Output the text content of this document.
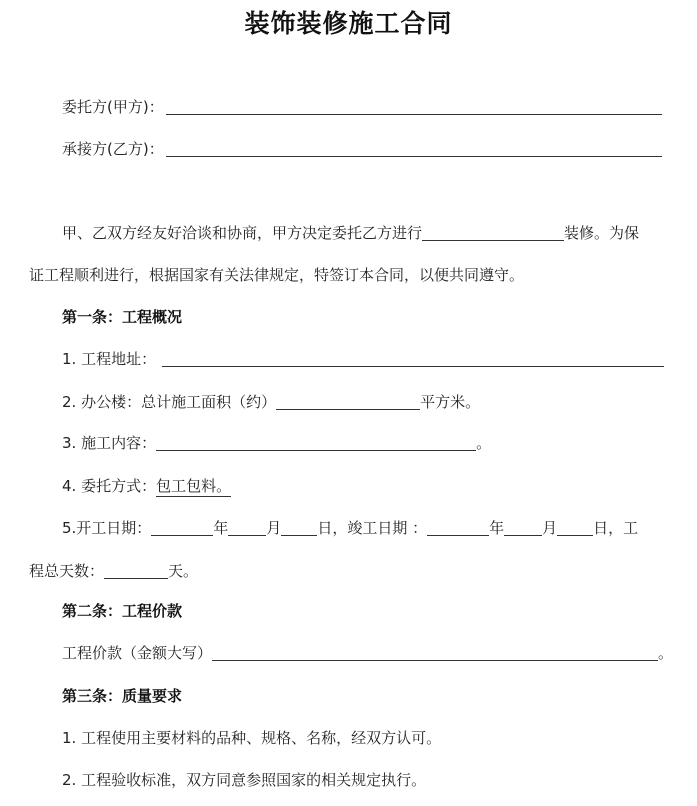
装饰装修施工合同
委托方(甲方)：
承接方(乙方)：
甲、乙双方经友好洽谈和协商，甲方决定委托乙方进行	装修。为保
证工程顺利进行，根据国家有关法律规定，特签订本合同，以便共同遵守。
第一条：工程概况
1. 工程地址：
2. 办公楼：总计施工面积（约）	平方米。
3. 施工内容：	。
4. 委托方式：包工包料。
5.开工日期：	年	月 日，竣工日期 ：	年	月 日，工
程总天数：	天。
第二条：工程价款
工程价款（金额大写）	。
第三条：质量要求
1. 工程使用主要材料的品种、规格、名称，经双方认可。
2. 工程验收标准，双方同意参照国家的相关规定执行。
